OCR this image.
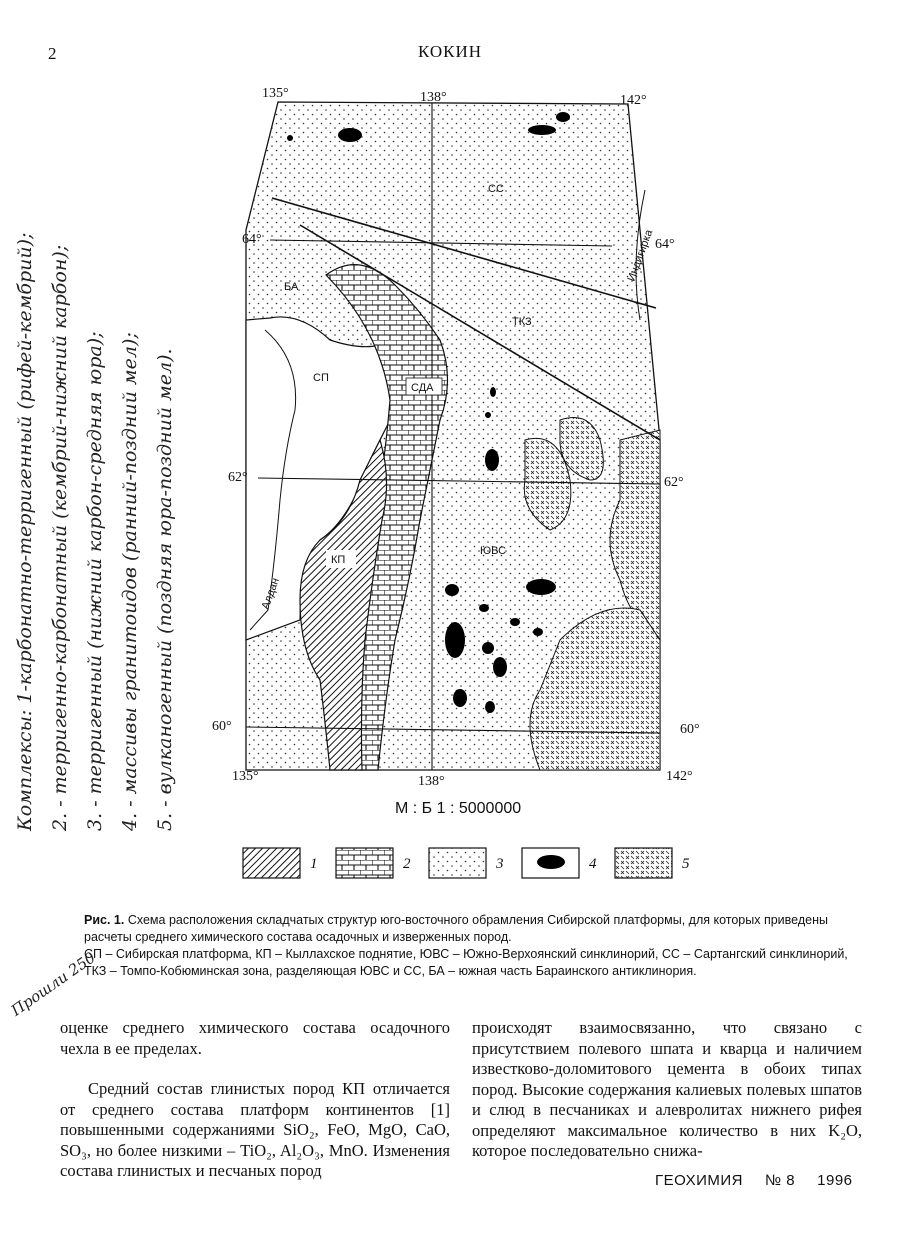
2	КОКИН
135°	138°	142°
135°	138°	142°
64°
62°
60°
64°
62°
60°
СС
ТКЗ
БА
СП
СДА
КП
ЮВС
Алдан
Индигирка
1	2	3	4	5
М : Б 1 : 5000000
Комплексы: 1-карбонатно-терригенный (рифей-кембрий); 2. - терригенно-карбонатный (кембрий-нижний карбон); 3. - терригенный (нижний карбон-средняя юра); 4. - массивы гранитоидов (ранний-поздний мел); 5. - вулканогенный (поздняя юра-поздний мел).
Прошли 250
Рис. 1. Схема расположения складчатых структур юго-восточного обрамления Сибирской платформы, для которых приведены расчеты среднего химического состава осадочных и изверженных пород.
СП – Сибирская платформа, КП – Кыллахское поднятие, ЮВС – Южно-Верхоянский синклинорий, СС – Сартангский синклинорий, ТКЗ – Томпо-Кобюминская зона, разделяющая ЮВС и СС, БА – южная часть Бараинского антиклинория.

оценке среднего химического состава осадочного чехла в ее пределах.

Средний состав глинистых пород КП отличается от среднего состава платформ континентов [1] повышенными содержаниями SiO₂, FeO, MgO, CaO, SO₃, но более низкими – TiO₂, Al₂O₃, MnO. Изменения состава глинистых и песчаных пород

происходят взаимосвязанно, что связано с присутствием полевого шпата и кварца и наличием известково-доломитового цемента в обоих типах пород. Высокие содержания калиевых полевых шпатов и слюд в песчаниках и алевролитах нижнего рифея определяют максимальное количество в них K₂O, которое последовательно снижа-

ГЕОХИМИЯ № 8 1996
